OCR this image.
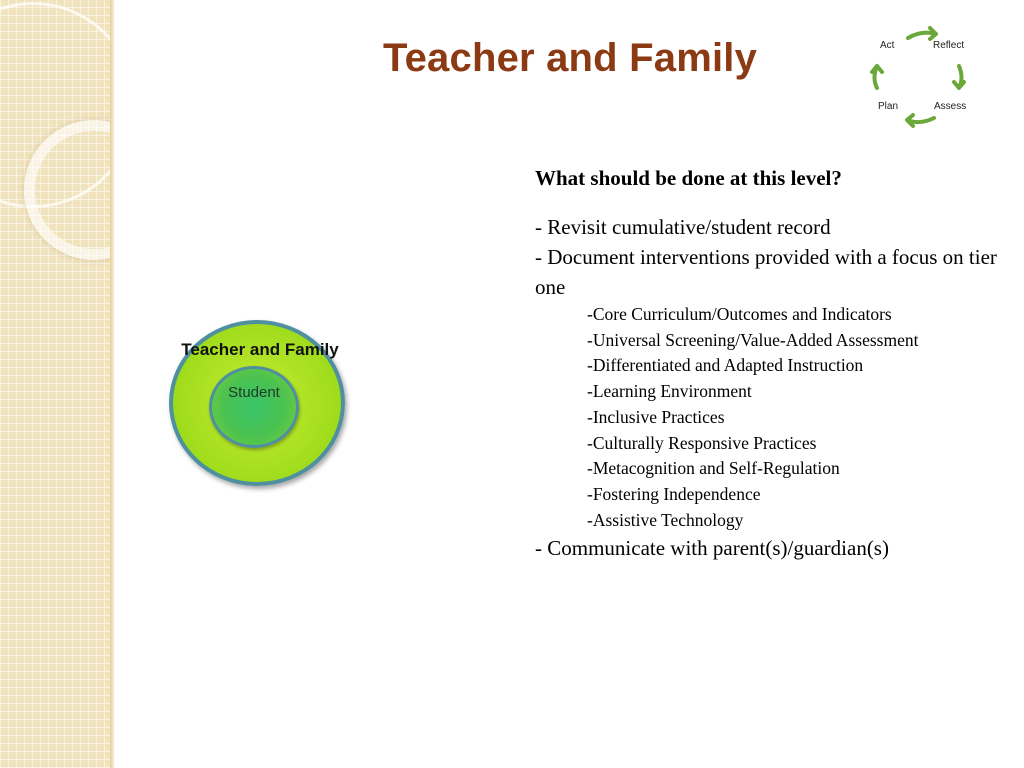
Teacher and Family	Act	Reflect
Plan	Assess
Teacher and Family
Student

What should be done at this level?

- Revisit cumulative/student record

- Document interventions provided with a focus on tier one

-Core Curriculum/Outcomes and Indicators
-Universal Screening/Value-Added Assessment
-Differentiated and Adapted Instruction
-Learning Environment
-Inclusive Practices
-Culturally Responsive Practices
-Metacognition and Self-Regulation
-Fostering Independence
-Assistive Technology

- Communicate with parent(s)/guardian(s)
